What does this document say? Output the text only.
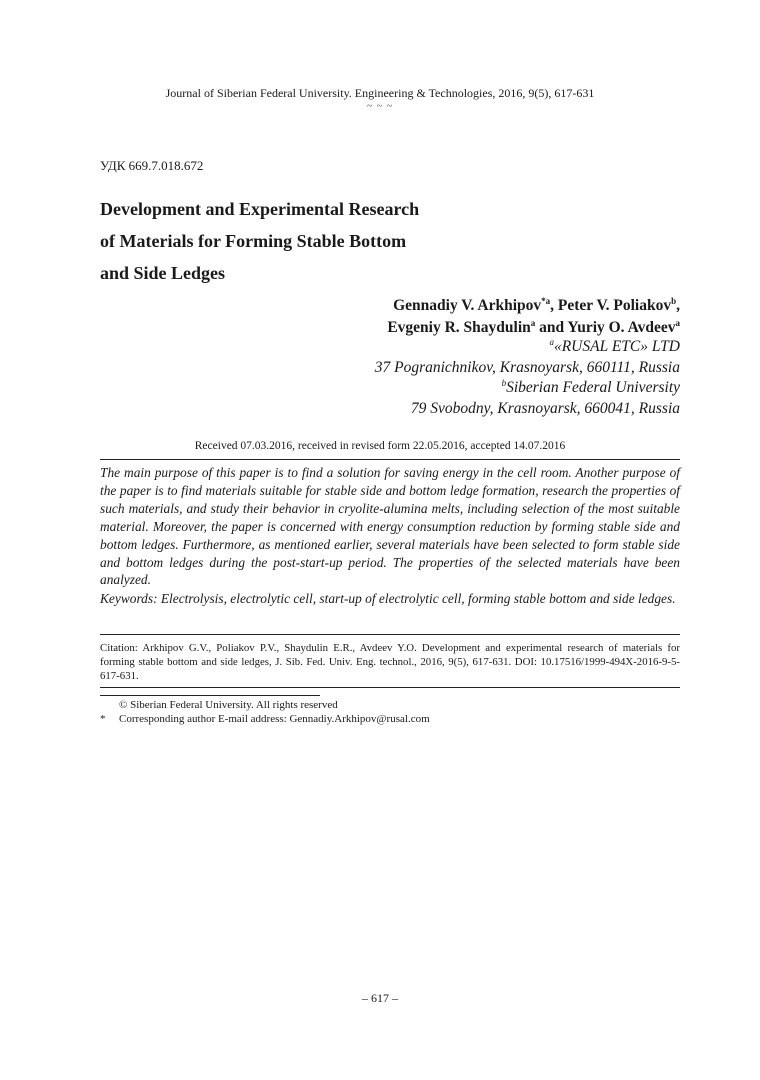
Journal of Siberian Federal University. Engineering & Technologies, 2016, 9(5), 617-631
~ ~ ~
УДК 669.7.018.672
Development and Experimental Research
of Materials for Forming Stable Bottom
and Side Ledges
Gennadiy V. Arkhipov$^{*a}$, Peter V. Poliakov$^b$,
Evgeniy R. Shaydulin$^a$ and Yuriy O. Avdeev$^a$
$^a$«RUSAL ETC» LTD
37 Pogranichnikov, Krasnoyarsk, 660111, Russia
$^b$Siberian Federal University
79 Svobodny, Krasnoyarsk, 660041, Russia
Received 07.03.2016, received in revised form 22.05.2016, accepted 14.07.2016
The main purpose of this paper is to find a solution for saving energy in the cell room. Another purpose of the paper is to find materials suitable for stable side and bottom ledge formation, research the properties of such materials, and study their behavior in cryolite-alumina melts, including selection of the most suitable material. Moreover, the paper is concerned with energy consumption reduction by forming stable side and bottom ledges. Furthermore, as mentioned earlier, several materials have been selected to form stable side and bottom ledges during the post-start-up period. The properties of the selected materials have been analyzed.
Keywords: Electrolysis, electrolytic cell, start-up of electrolytic cell, forming stable bottom and side ledges.
Citation: Arkhipov G.V., Poliakov P.V., Shaydulin E.R., Avdeev Y.O. Development and experimental research of materials for forming stable bottom and side ledges, J. Sib. Fed. Univ. Eng. technol., 2016, 9(5), 617-631. DOI: 10.17516/1999-494X-2016-9-5-617-631.
© Siberian Federal University. All rights reserved
* Corresponding author E-mail address: Gennadiy.Arkhipov@rusal.com
– 617 –
